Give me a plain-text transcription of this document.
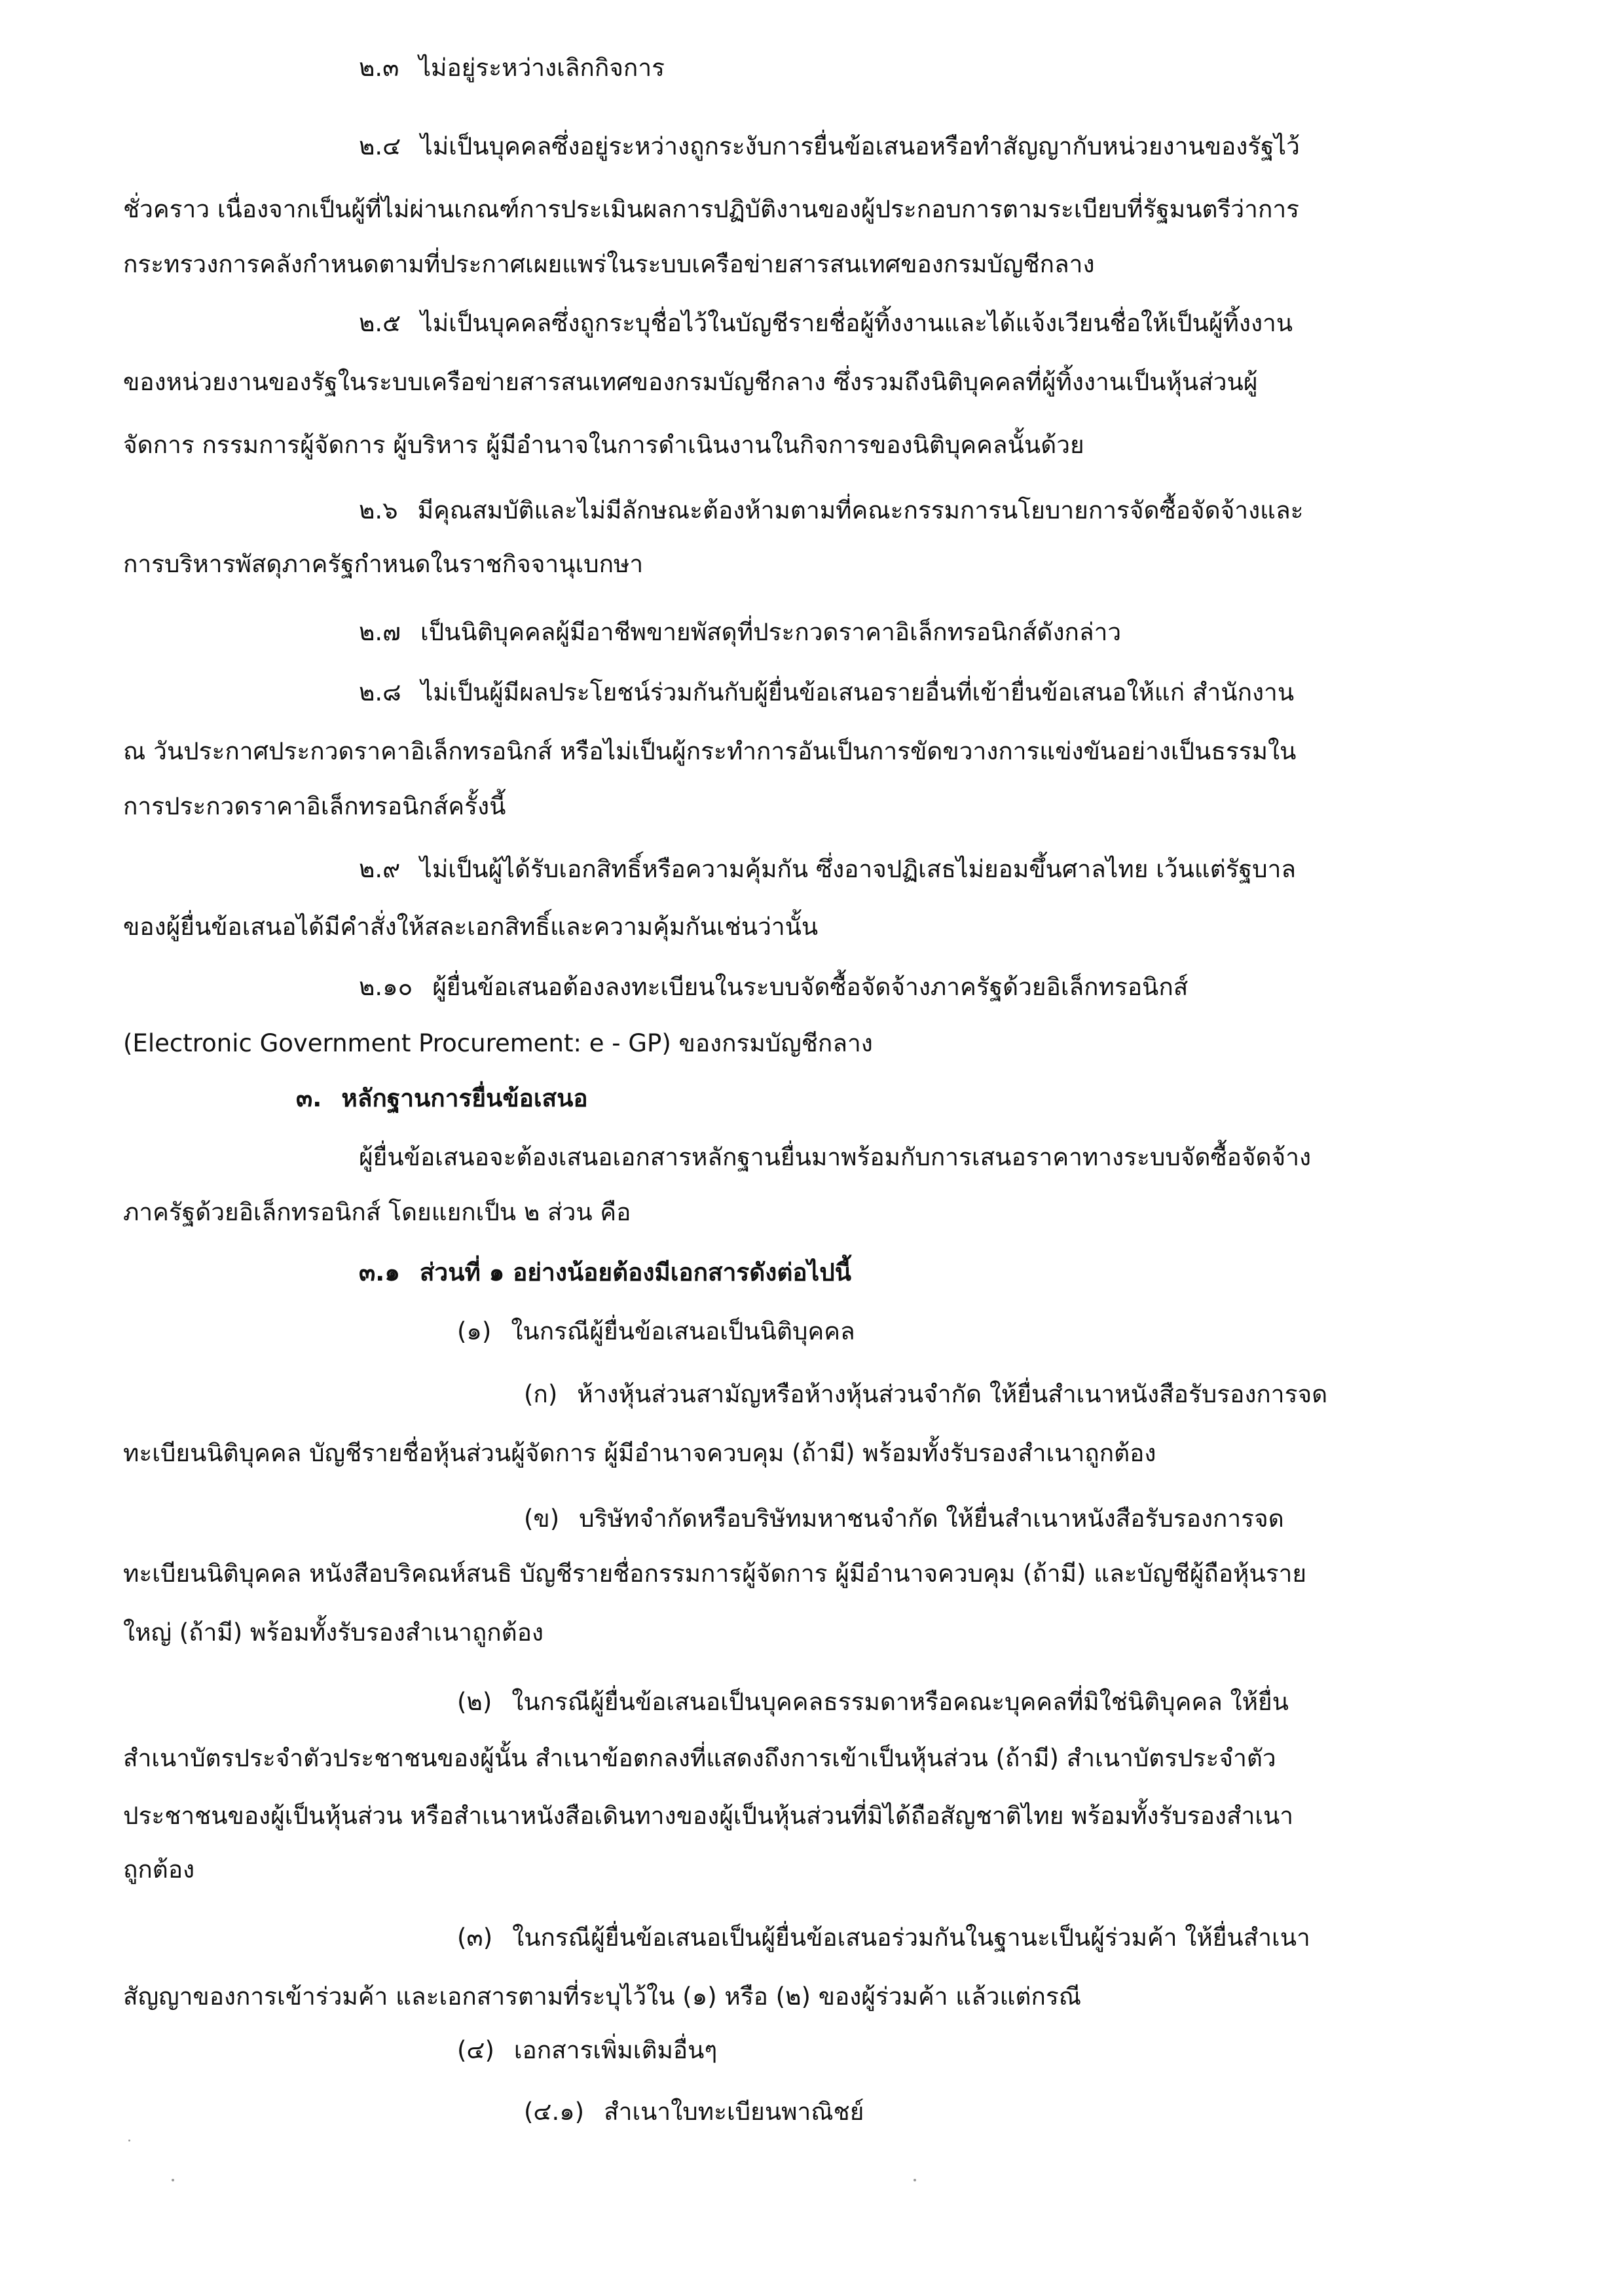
๒.๓ ไม่อยู่ระหว่างเลิกกิจการ
๒.๔ ไม่เป็นบุคคลซึ่งอยู่ระหว่างถูกระงับการยื่นข้อเสนอหรือทำสัญญากับหน่วยงานของรัฐไว้
ชั่วคราว เนื่องจากเป็นผู้ที่ไม่ผ่านเกณฑ์การประเมินผลการปฏิบัติงานของผู้ประกอบการตามระเบียบที่รัฐมนตรีว่าการ
กระทรวงการคลังกำหนดตามที่ประกาศเผยแพร่ในระบบเครือข่ายสารสนเทศของกรมบัญชีกลาง
๒.๕ ไม่เป็นบุคคลซึ่งถูกระบุชื่อไว้ในบัญชีรายชื่อผู้ทิ้งงานและได้แจ้งเวียนชื่อให้เป็นผู้ทิ้งงาน
ของหน่วยงานของรัฐในระบบเครือข่ายสารสนเทศของกรมบัญชีกลาง ซึ่งรวมถึงนิติบุคคลที่ผู้ทิ้งงานเป็นหุ้นส่วนผู้
จัดการ กรรมการผู้จัดการ ผู้บริหาร ผู้มีอำนาจในการดำเนินงานในกิจการของนิติบุคคลนั้นด้วย
๒.๖ มีคุณสมบัติและไม่มีลักษณะต้องห้ามตามที่คณะกรรมการนโยบายการจัดซื้อจัดจ้างและ
การบริหารพัสดุภาครัฐกำหนดในราชกิจจานุเบกษา
๒.๗ เป็นนิติบุคคลผู้มีอาชีพขายพัสดุที่ประกวดราคาอิเล็กทรอนิกส์ดังกล่าว
๒.๘ ไม่เป็นผู้มีผลประโยชน์ร่วมกันกับผู้ยื่นข้อเสนอรายอื่นที่เข้ายื่นข้อเสนอให้แก่ สำนักงาน
ณ วันประกาศประกวดราคาอิเล็กทรอนิกส์ หรือไม่เป็นผู้กระทำการอันเป็นการขัดขวางการแข่งขันอย่างเป็นธรรมใน
การประกวดราคาอิเล็กทรอนิกส์ครั้งนี้
๒.๙ ไม่เป็นผู้ได้รับเอกสิทธิ์หรือความคุ้มกัน ซึ่งอาจปฏิเสธไม่ยอมขึ้นศาลไทย เว้นแต่รัฐบาล
ของผู้ยื่นข้อเสนอได้มีคำสั่งให้สละเอกสิทธิ์และความคุ้มกันเช่นว่านั้น
๒.๑๐ ผู้ยื่นข้อเสนอต้องลงทะเบียนในระบบจัดซื้อจัดจ้างภาครัฐด้วยอิเล็กทรอนิกส์
(Electronic Government Procurement: e - GP) ของกรมบัญชีกลาง
๓. หลักฐานการยื่นข้อเสนอ
ผู้ยื่นข้อเสนอจะต้องเสนอเอกสารหลักฐานยื่นมาพร้อมกับการเสนอราคาทางระบบจัดซื้อจัดจ้าง
ภาครัฐด้วยอิเล็กทรอนิกส์ โดยแยกเป็น ๒ ส่วน คือ
๓.๑ ส่วนที่ ๑ อย่างน้อยต้องมีเอกสารดังต่อไปนี้
(๑) ในกรณีผู้ยื่นข้อเสนอเป็นนิติบุคคล
(ก) ห้างหุ้นส่วนสามัญหรือห้างหุ้นส่วนจำกัด ให้ยื่นสำเนาหนังสือรับรองการจด
ทะเบียนนิติบุคคล บัญชีรายชื่อหุ้นส่วนผู้จัดการ ผู้มีอำนาจควบคุม (ถ้ามี) พร้อมทั้งรับรองสำเนาถูกต้อง
(ข) บริษัทจำกัดหรือบริษัทมหาชนจำกัด ให้ยื่นสำเนาหนังสือรับรองการจด
ทะเบียนนิติบุคคล หนังสือบริคณห์สนธิ บัญชีรายชื่อกรรมการผู้จัดการ ผู้มีอำนาจควบคุม (ถ้ามี) และบัญชีผู้ถือหุ้นราย
ใหญ่ (ถ้ามี) พร้อมทั้งรับรองสำเนาถูกต้อง
(๒) ในกรณีผู้ยื่นข้อเสนอเป็นบุคคลธรรมดาหรือคณะบุคคลที่มิใช่นิติบุคคล ให้ยื่น
สำเนาบัตรประจำตัวประชาชนของผู้นั้น สำเนาข้อตกลงที่แสดงถึงการเข้าเป็นหุ้นส่วน (ถ้ามี) สำเนาบัตรประจำตัว
ประชาชนของผู้เป็นหุ้นส่วน หรือสำเนาหนังสือเดินทางของผู้เป็นหุ้นส่วนที่มิได้ถือสัญชาติไทย พร้อมทั้งรับรองสำเนา
ถูกต้อง
(๓) ในกรณีผู้ยื่นข้อเสนอเป็นผู้ยื่นข้อเสนอร่วมกันในฐานะเป็นผู้ร่วมค้า ให้ยื่นสำเนา
สัญญาของการเข้าร่วมค้า และเอกสารตามที่ระบุไว้ใน (๑) หรือ (๒) ของผู้ร่วมค้า แล้วแต่กรณี
(๔) เอกสารเพิ่มเติมอื่นๆ
(๔.๑) สำเนาใบทะเบียนพาณิชย์
